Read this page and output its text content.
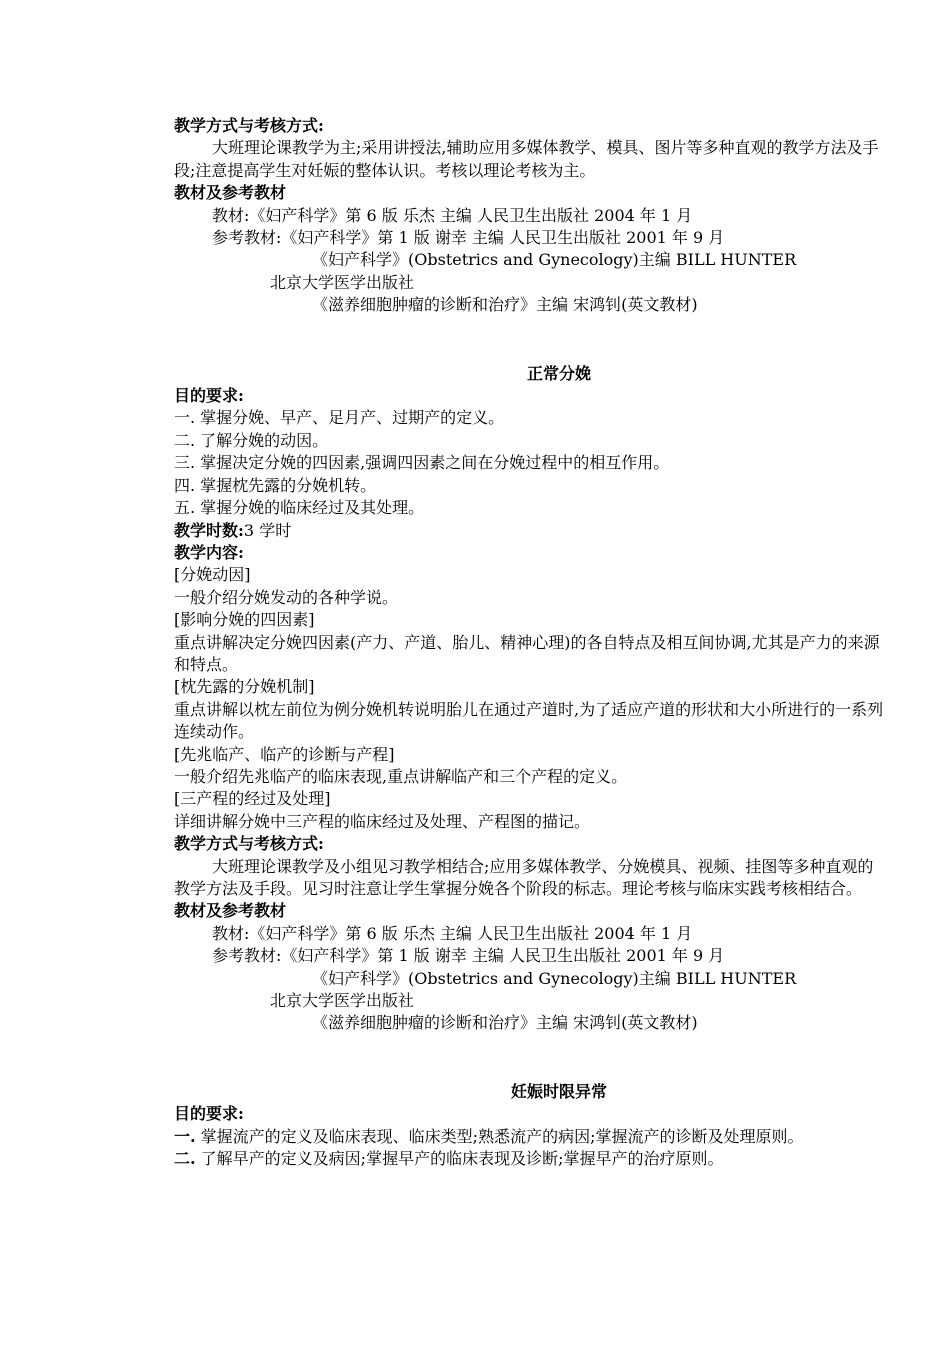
教学方式与考核方式:
大班理论课教学为主;采用讲授法,辅助应用多媒体教学、模具、图片等多种直观的教学方法及手段;注意提高学生对妊娠的整体认识。考核以理论考核为主。
教材及参考教材
教材:《妇产科学》第 6 版 乐杰 主编 人民卫生出版社 2004 年 1 月
参考教材:《妇产科学》第 1 版 谢幸 主编 人民卫生出版社 2001 年 9 月
《妇产科学》(Obstetrics and Gynecology)主编 BILL HUNTER
北京大学医学出版社
《滋养细胞肿瘤的诊断和治疗》主编 宋鸿钊(英文教材)
正常分娩
目的要求:
一. 掌握分娩、早产、足月产、过期产的定义。
二. 了解分娩的动因。
三. 掌握决定分娩的四因素,强调四因素之间在分娩过程中的相互作用。
四. 掌握枕先露的分娩机转。
五. 掌握分娩的临床经过及其处理。
教学时数:3 学时
教学内容:
[分娩动因]
一般介绍分娩发动的各种学说。
[影响分娩的四因素]
重点讲解决定分娩四因素(产力、产道、胎儿、精神心理)的各自特点及相互间协调,尤其是产力的来源和特点。
[枕先露的分娩机制]
重点讲解以枕左前位为例分娩机转说明胎儿在通过产道时,为了适应产道的形状和大小所进行的一系列连续动作。
[先兆临产、临产的诊断与产程]
一般介绍先兆临产的临床表现,重点讲解临产和三个产程的定义。
[三产程的经过及处理]
详细讲解分娩中三产程的临床经过及处理、产程图的描记。
教学方式与考核方式:
大班理论课教学及小组见习教学相结合;应用多媒体教学、分娩模具、视频、挂图等多种直观的教学方法及手段。见习时注意让学生掌握分娩各个阶段的标志。理论考核与临床实践考核相结合。
教材及参考教材
教材:《妇产科学》第 6 版 乐杰 主编 人民卫生出版社 2004 年 1 月
参考教材:《妇产科学》第 1 版 谢幸 主编 人民卫生出版社 2001 年 9 月
《妇产科学》(Obstetrics and Gynecology)主编 BILL HUNTER
北京大学医学出版社
《滋养细胞肿瘤的诊断和治疗》主编 宋鸿钊(英文教材)
妊娠时限异常
目的要求:
一. 掌握流产的定义及临床表现、临床类型;熟悉流产的病因;掌握流产的诊断及处理原则。
二. 了解早产的定义及病因;掌握早产的临床表现及诊断;掌握早产的治疗原则。
